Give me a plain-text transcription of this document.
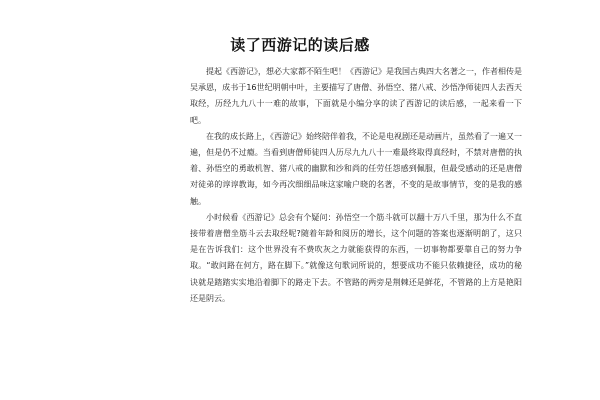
读了西游记的读后感

提起《西游记》，想必大家都不陌生吧！《西游记》是我国古典四大名著之一，作者相传是吴承恩，成书于16世纪明朝中叶，主要描写了唐僧、孙悟空、猪八戒、沙悟净师徒四人去西天取经，历经九九八十一难的故事，下面就是小编分享的读了西游记的读后感，一起来看一下吧。

在我的成长路上，《西游记》始终陪伴着我，不论是电视剧还是动画片，虽然看了一遍又一遍，但是仍不过瘾。当看到唐僧师徒四人历尽九九八十一难最终取得真经时，不禁对唐僧的执着、孙悟空的勇敢机智、猪八戒的幽默和沙和尚的任劳任怨感到佩服，但最受感动的还是唐僧对徒弟的谆谆教诲，如今再次细细品味这家喻户晓的名著，不变的是故事情节，变的是我的感触。

小时候看《西游记》总会有个疑问：孙悟空一个筋斗就可以翻十万八千里，那为什么不直接带着唐僧坐筋斗云去取经呢?随着年龄和阅历的增长，这个问题的答案也逐渐明朗了，这只是在告诉我们：这个世界没有不费吹灰之力就能获得的东西，一切事物都要靠自己的努力争取。“敢问路在何方，路在脚下。”就像这句歌词所说的，想要成功不能只依赖捷径，成功的秘诀就是踏踏实实地沿着脚下的路走下去。不管路的两旁是荆棘还是鲜花，不管路的上方是艳阳还是阴云。
